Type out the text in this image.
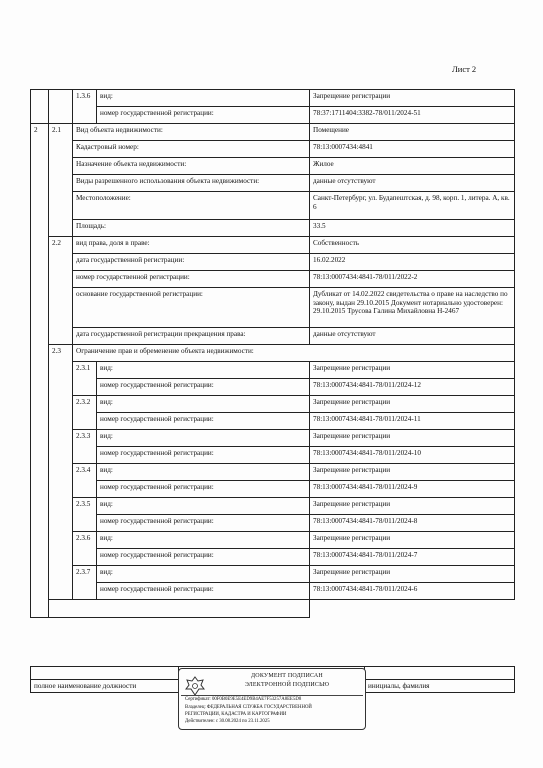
Лист 2
		1.3.6	вид:	Запрещение регистрации
			номер государственной регистрации:	78:37:1711404:3382-78/011/2024-51
2	2.1	Вид объекта недвижимости:		Помещение
		Кадастровый номер:		78:13:0007434:4841
		Назначение объекта недвижимости:		Жилое
		Виды разрешенного использования объекта недвижимости:		данные отсутствуют
		Местоположение:		Санкт-Петербург, ул. Будапештская, д. 98, корп. 1, литера. А, кв. 6
		Площадь:		33.5
	2.2	вид права, доля в праве:		Собственность
		дата государственной регистрации:		16.02.2022
		номер государственной регистрации:		78:13:0007434:4841-78/011/2022-2
		основание государственной регистрации:		Дубликат от 14.02.2022 свидетельства о праве на наследство по закону, выдан 29.10.2015 Документ нотариально удостоверен: 29.10.2015 Трусова Галина Михайловна Н-2467
		дата государственной регистрации прекращения права:		данные отсутствуют
	2.3	Ограничение прав и обременение объекта недвижимости:		
		2.3.1	вид:	Запрещение регистрации
			номер государственной регистрации:	78:13:0007434:4841-78/011/2024-12
		2.3.2	вид:	Запрещение регистрации
			номер государственной регистрации:	78:13:0007434:4841-78/011/2024-11
		2.3.3	вид:	Запрещение регистрации
			номер государственной регистрации:	78:13:0007434:4841-78/011/2024-10
		2.3.4	вид:	Запрещение регистрации
			номер государственной регистрации:	78:13:0007434:4841-78/011/2024-9
		2.3.5	вид:	Запрещение регистрации
			номер государственной регистрации:	78:13:0007434:4841-78/011/2024-8
		2.3.6	вид:	Запрещение регистрации
			номер государственной регистрации:	78:13:0007434:4841-78/011/2024-7
		2.3.7	вид:	Запрещение регистрации
			номер государственной регистрации:	78:13:0007434:4841-78/011/2024-6

полное наименование должности		инициалы, фамилия
ДОКУМЕНТ ПОДПИСАН
ЭЛЕКТРОННОЙ ПОДПИСЬЮ
Сертификат: 00F0B0E9E5E4ED9B4AE7F53257A8EE5D8
Владелец: ФЕДЕРАЛЬНАЯ СЛУЖБА ГОСУДАРСТВЕННОЙ
РЕГИСТРАЦИИ, КАДАСТРА И КАРТОГРАФИИ
Действителен: с 30.08.2024 по 23.11.2025
